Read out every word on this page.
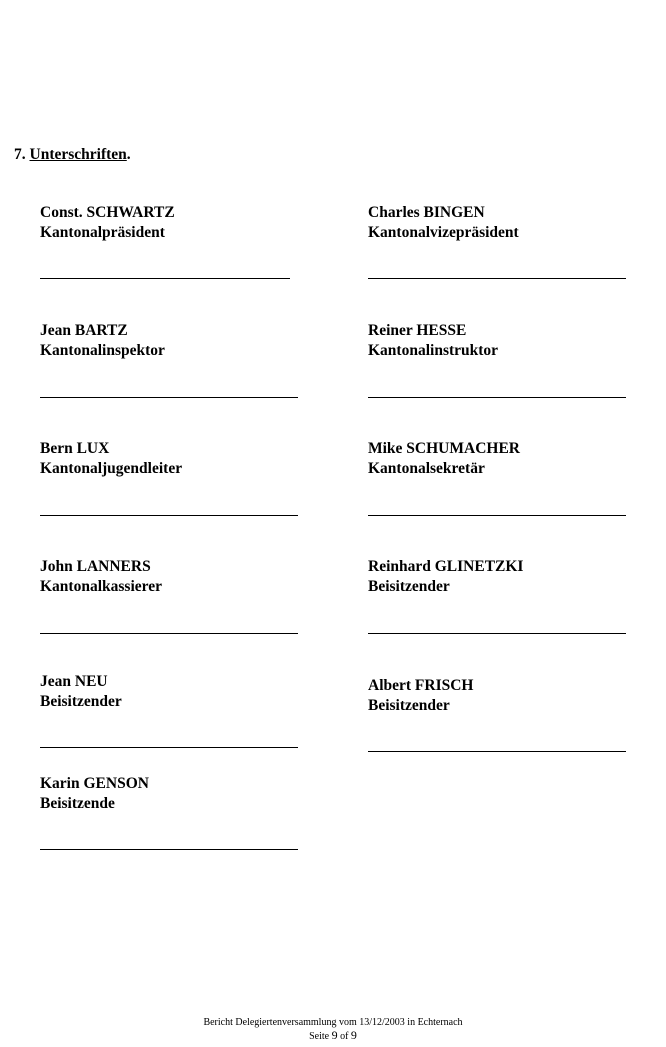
7. Unterschriften.
Const. SCHWARTZ
Kantonalpräsident
Charles BINGEN
Kantonalvizepräsident
Jean BARTZ
Kantonalinspektor
Reiner HESSE
Kantonalinstruktor
Bern LUX
Kantonaljugendleiter
Mike SCHUMACHER
Kantonalsekretär
John LANNERS
Kantonalkassierer
Reinhard GLINETZKI
Beisitzender
Jean NEU
Beisitzender
Albert FRISCH
Beisitzender
Karin GENSON
Beisitzende
Bericht Delegiertenversammlung vom 13/12/2003 in Echternach
Seite 9 of 9
